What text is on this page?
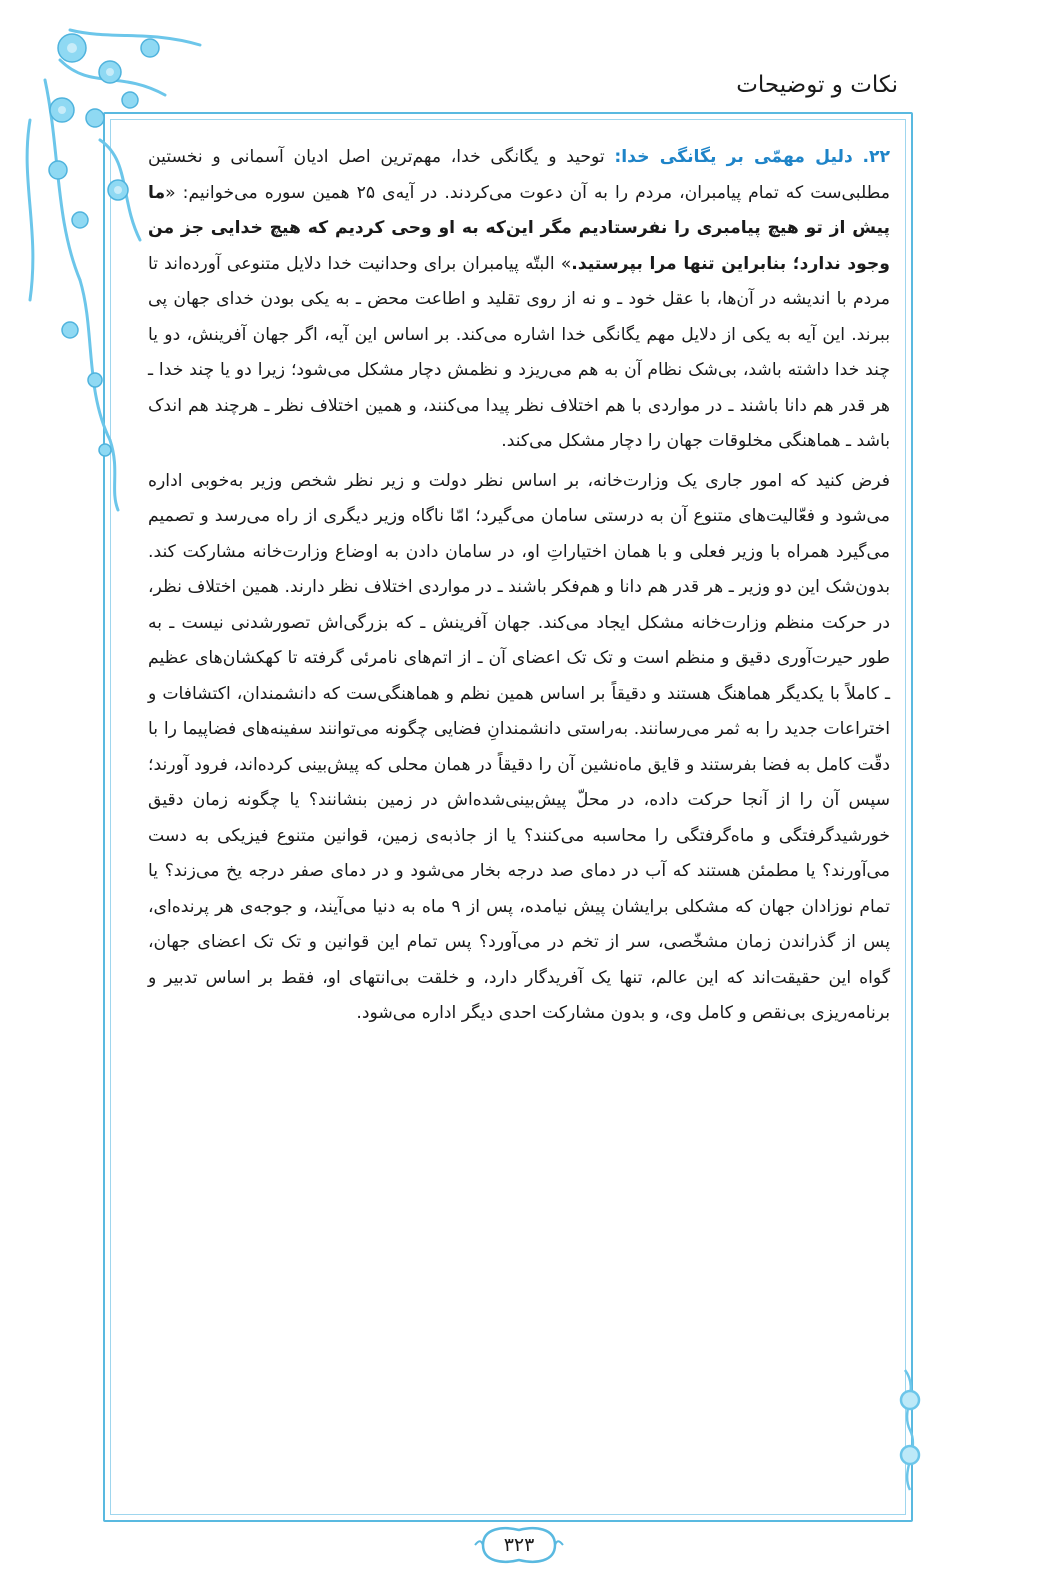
نکات و توضیحات

۲۲. دلیل مهمّی بر یگانگی خدا: توحید و یگانگی خدا، مهم‌ترین اصل ادیان آسمانی و نخستین مطلبی‌ست که تمام پیامبران، مردم را به آن دعوت می‌کردند. در آیه‌ی ۲۵ همین سوره می‌خوانیم: «ما پیش از تو هیچ پیامبری را نفرستادیم مگر این‌که به او وحی کردیم که هیچ خدایی جز من وجود ندارد؛ بنابراین تنها مرا بپرستید.» البتّه پیامبران برای وحدانیت خدا دلایل متنوعی آورده‌اند تا مردم با اندیشه در آن‌ها، با عقل خود ـ و نه از روی تقلید و اطاعت محض ـ به یکی بودن خدای جهان پی ببرند. این آیه به یکی از دلایل مهم یگانگی خدا اشاره می‌کند. بر اساس این آیه، اگر جهان آفرینش، دو یا چند خدا داشته باشد، بی‌شک نظام آن به هم می‌ریزد و نظمش دچار مشکل می‌شود؛ زیرا دو یا چند خدا ـ هر قدر هم دانا باشند ـ در مواردی با هم اختلاف نظر پیدا می‌کنند، و همین اختلاف نظر ـ هرچند هم اندک باشد ـ هماهنگی مخلوقات جهان را دچار مشکل می‌کند.

فرض کنید که امور جاری یک وزارت‌خانه، بر اساس نظر دولت و زیر نظر شخص وزیر به‌خوبی اداره می‌شود و فعّالیت‌های متنوع آن به درستی سامان می‌گیرد؛ امّا ناگاه وزیر دیگری از راه می‌رسد و تصمیم می‌گیرد همراه با وزیر فعلی و با همان اختیاراتِ او، در سامان دادن به اوضاع وزارت‌خانه مشارکت کند. بدون‌شک این دو وزیر ـ هر قدر هم دانا و هم‌فکر باشند ـ در مواردی اختلاف نظر دارند. همین اختلاف نظر، در حرکت منظم وزارت‌خانه مشکل ایجاد می‌کند. جهان آفرینش ـ که بزرگی‌اش تصورشدنی نیست ـ به طور حیرت‌آوری دقیق و منظم است و تک تک اعضای آن ـ از اتم‌های نامرئی گرفته تا کهکشان‌های عظیم ـ کاملاً با یکدیگر هماهنگ هستند و دقیقاً بر اساس همین نظم و هماهنگی‌ست که دانشمندان، اکتشافات و اختراعات جدید را به ثمر می‌رسانند. به‌راستی دانشمندانِ فضایی چگونه می‌توانند سفینه‌های فضاپیما را با دقّت کامل به فضا بفرستند و قایق ماه‌نشین آن را دقیقاً در همان محلی که پیش‌بینی کرده‌اند، فرود آورند؛ سپس آن را از آنجا حرکت داده، در محلّ پیش‌بینی‌شده‌اش در زمین بنشانند؟ یا چگونه زمان دقیق خورشیدگرفتگی و ماه‌گرفتگی را محاسبه می‌کنند؟ یا از جاذبه‌ی زمین، قوانین متنوع فیزیکی به دست می‌آورند؟ یا مطمئن هستند که آب در دمای صد درجه بخار می‌شود و در دمای صفر درجه یخ می‌زند؟ یا تمام نوزادان جهان که مشکلی برایشان پیش نیامده، پس از ۹ ماه به دنیا می‌آیند، و جوجه‌ی هر پرنده‌ای، پس از گذراندن زمان مشخّصی، سر از تخم در می‌آورد؟ پس تمام این قوانین و تک تک اعضای جهان، گواه این حقیقت‌اند که این عالم، تنها یک آفریدگار دارد، و خلقت بی‌انتهای او، فقط بر اساس تدبیر و برنامه‌ریزی بی‌نقص و کامل وی، و بدون مشارکت احدی دیگر اداره می‌شود.

۳۲۳
